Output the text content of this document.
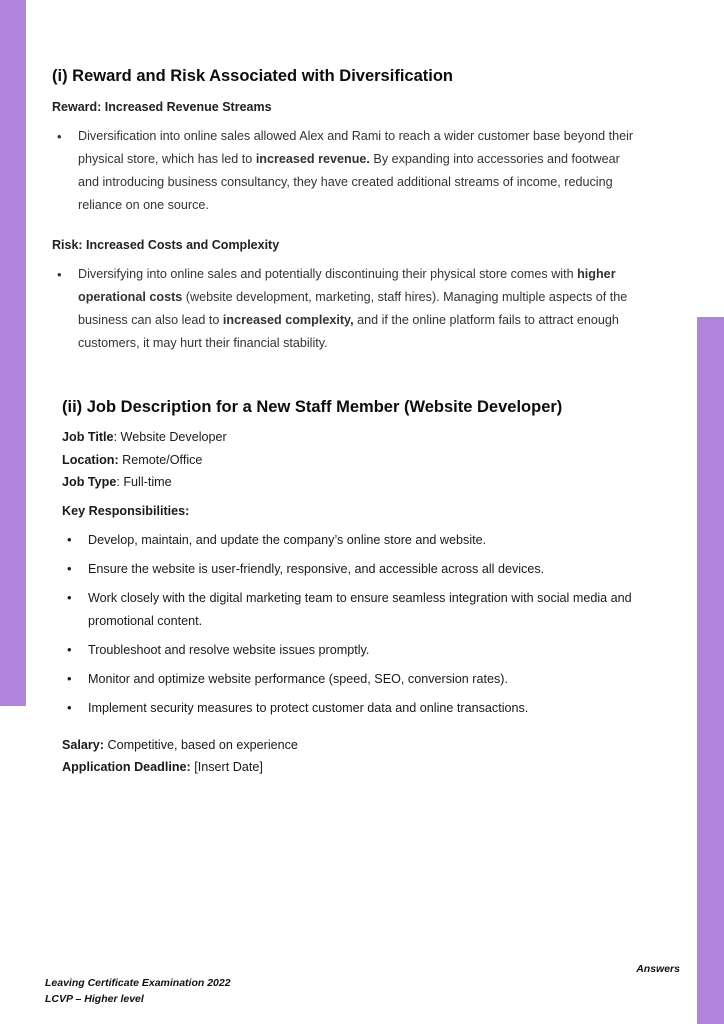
(i) Reward and Risk Associated with Diversification
Reward: Increased Revenue Streams
• Diversification into online sales allowed Alex and Rami to reach a wider customer base beyond their physical store, which has led to increased revenue. By expanding into accessories and footwear and introducing business consultancy, they have created additional streams of income, reducing reliance on one source.
Risk: Increased Costs and Complexity
• Diversifying into online sales and potentially discontinuing their physical store comes with higher operational costs (website development, marketing, staff hires). Managing multiple aspects of the business can also lead to increased complexity, and if the online platform fails to attract enough customers, it may hurt their financial stability.
(ii) Job Description for a New Staff Member (Website Developer)
Job Title: Website Developer
Location: Remote/Office
Job Type: Full-time
Key Responsibilities:
• Develop, maintain, and update the company’s online store and website.
• Ensure the website is user-friendly, responsive, and accessible across all devices.
• Work closely with the digital marketing team to ensure seamless integration with social media and promotional content.
• Troubleshoot and resolve website issues promptly.
• Monitor and optimize website performance (speed, SEO, conversion rates).
• Implement security measures to protect customer data and online transactions.
Salary: Competitive, based on experience
Application Deadline: [Insert Date]
Answers
Leaving Certificate Examination 2022
LCVP – Higher level
